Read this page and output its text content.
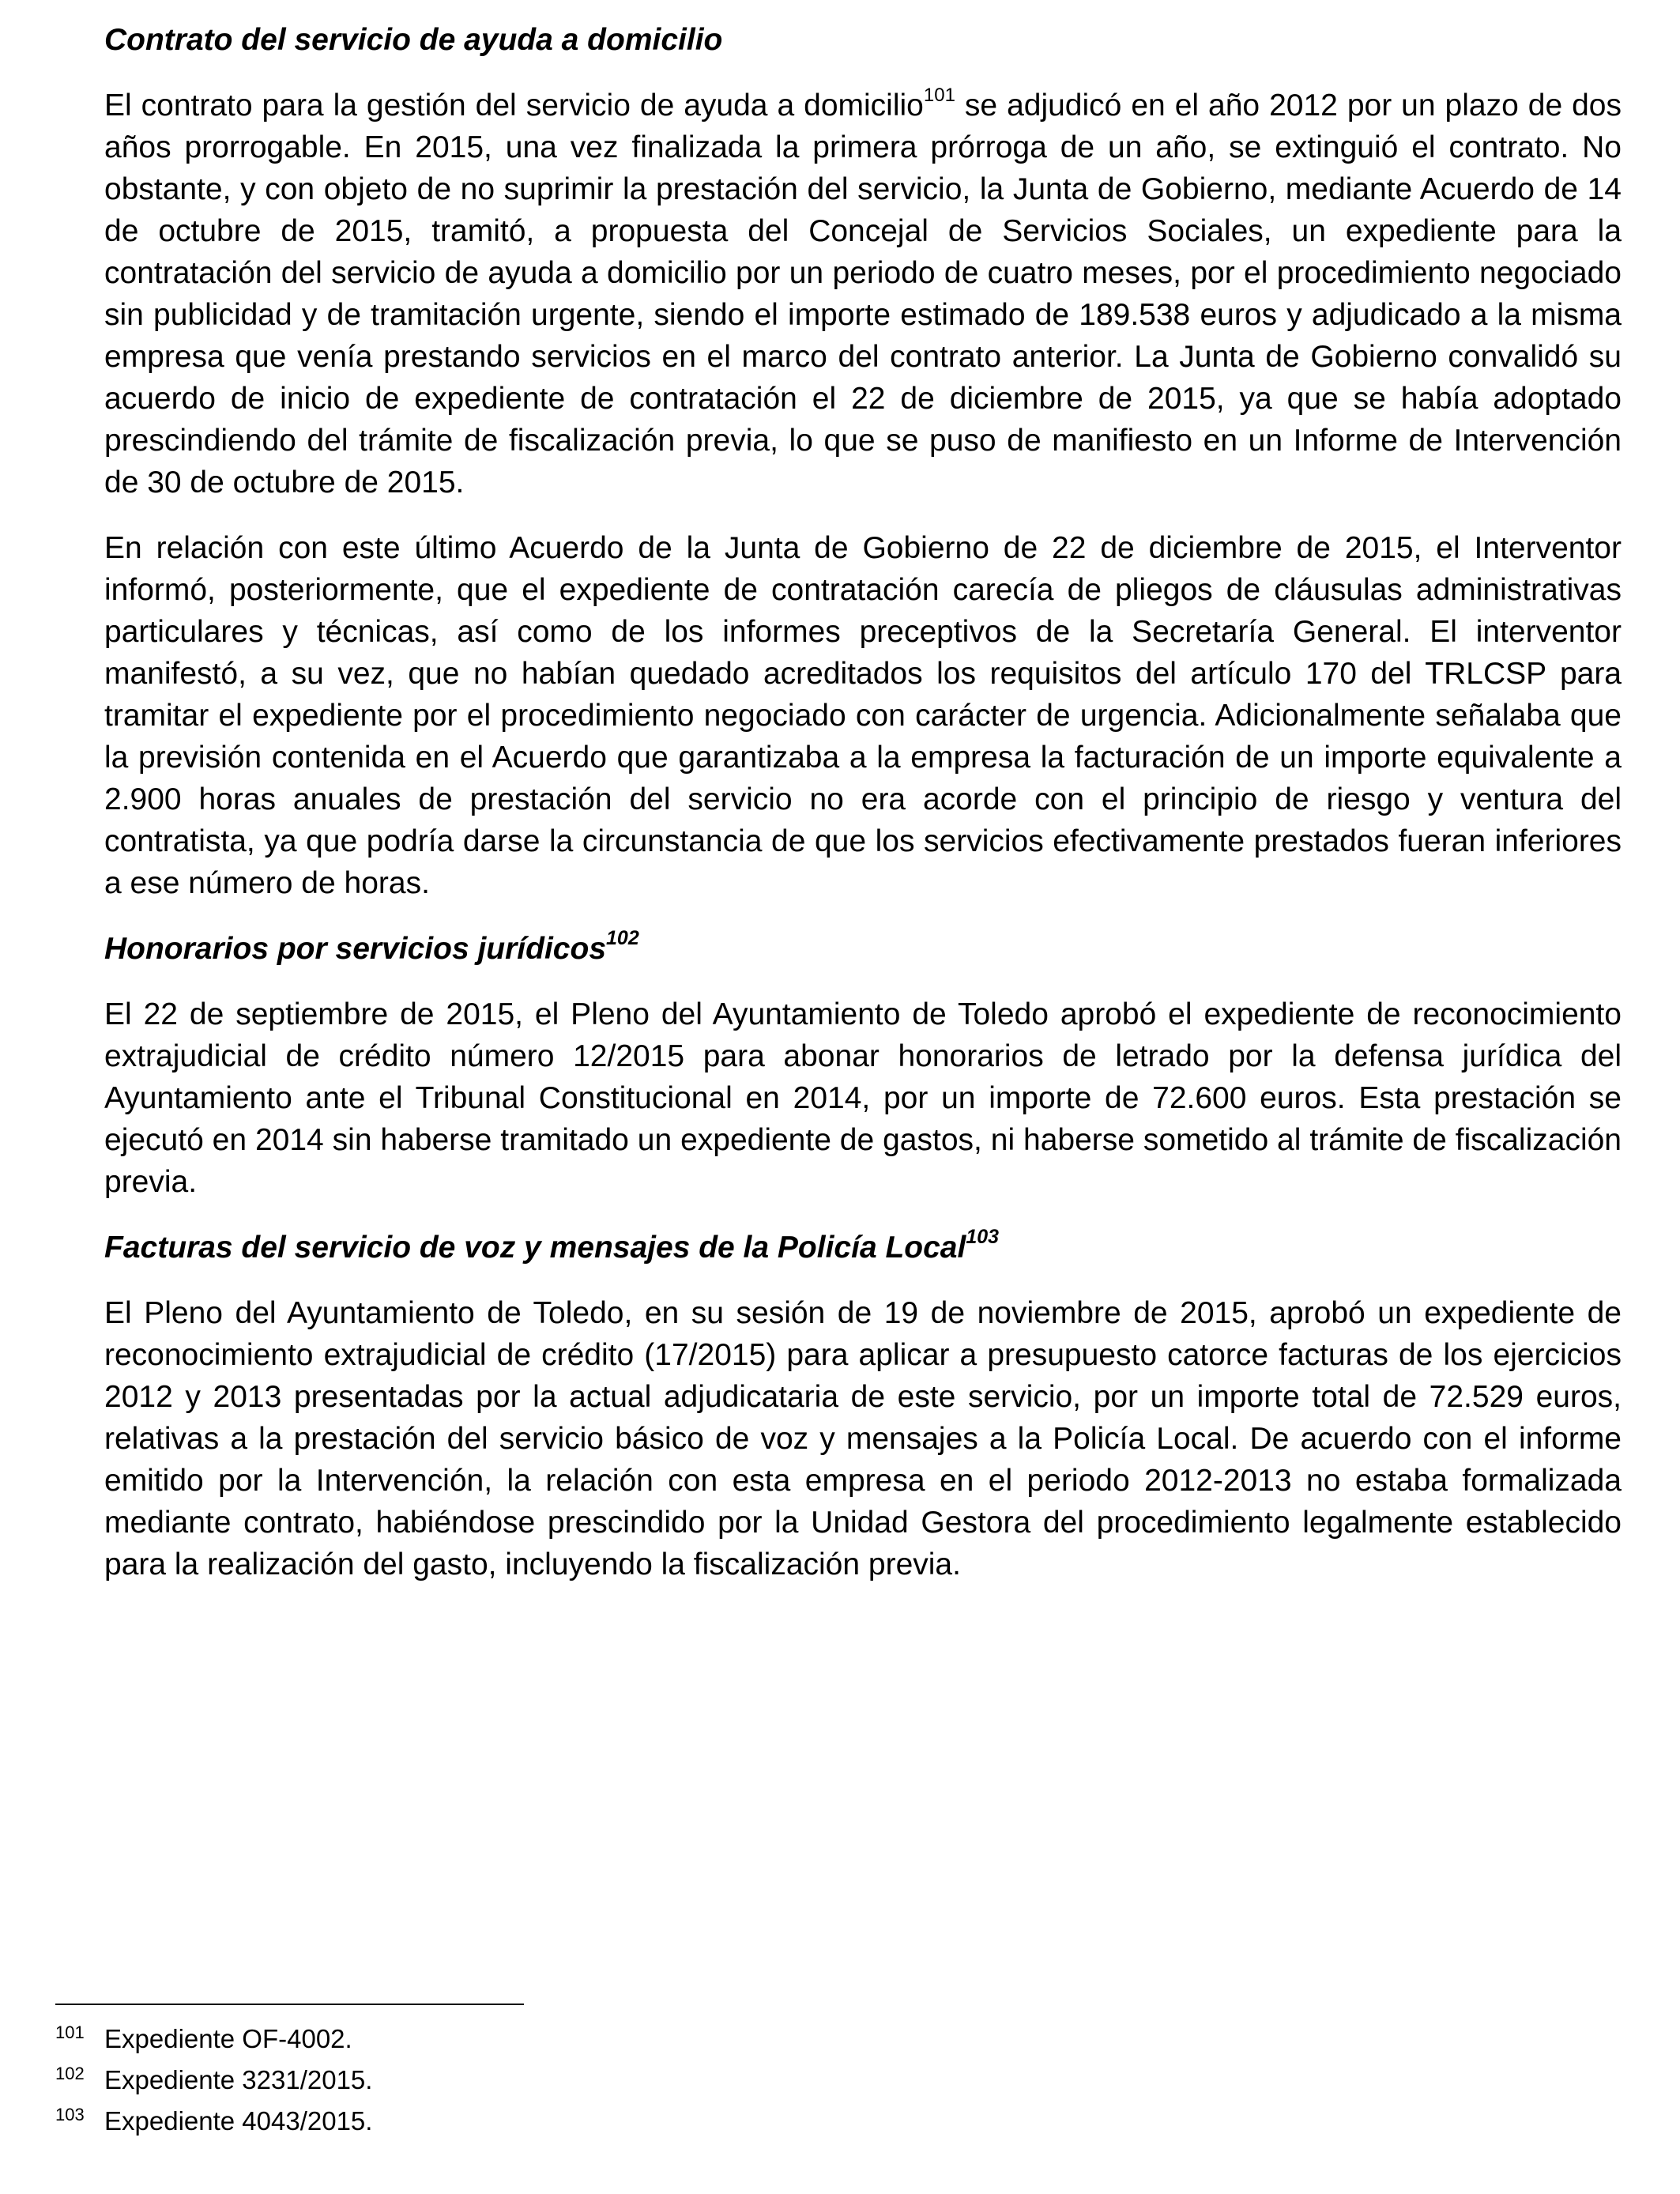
Contrato del servicio de ayuda a domicilio

El contrato para la gestión del servicio de ayuda a domicilio$^{101}$ se adjudicó en el año 2012 por un plazo de dos años prorrogable. En 2015, una vez finalizada la primera prórroga de un año, se extinguió el contrato. No obstante, y con objeto de no suprimir la prestación del servicio, la Junta de Gobierno, mediante Acuerdo de 14 de octubre de 2015, tramitó, a propuesta del Concejal de Servicios Sociales, un expediente para la contratación del servicio de ayuda a domicilio por un periodo de cuatro meses, por el procedimiento negociado sin publicidad y de tramitación urgente, siendo el importe estimado de 189.538 euros y adjudicado a la misma empresa que venía prestando servicios en el marco del contrato anterior. La Junta de Gobierno convalidó su acuerdo de inicio de expediente de contratación el 22 de diciembre de 2015, ya que se había adoptado prescindiendo del trámite de fiscalización previa, lo que se puso de manifiesto en un Informe de Intervención de 30 de octubre de 2015.

En relación con este último Acuerdo de la Junta de Gobierno de 22 de diciembre de 2015, el Interventor informó, posteriormente, que el expediente de contratación carecía de pliegos de cláusulas administrativas particulares y técnicas, así como de los informes preceptivos de la Secretaría General. El interventor manifestó, a su vez, que no habían quedado acreditados los requisitos del artículo 170 del TRLCSP para tramitar el expediente por el procedimiento negociado con carácter de urgencia. Adicionalmente señalaba que la previsión contenida en el Acuerdo que garantizaba a la empresa la facturación de un importe equivalente a 2.900 horas anuales de prestación del servicio no era acorde con el principio de riesgo y ventura del contratista, ya que podría darse la circunstancia de que los servicios efectivamente prestados fueran inferiores a ese número de horas.

Honorarios por servicios jurídicos$^{102}$

El 22 de septiembre de 2015, el Pleno del Ayuntamiento de Toledo aprobó el expediente de reconocimiento extrajudicial de crédito número 12/2015 para abonar honorarios de letrado por la defensa jurídica del Ayuntamiento ante el Tribunal Constitucional en 2014, por un importe de 72.600 euros. Esta prestación se ejecutó en 2014 sin haberse tramitado un expediente de gastos, ni haberse sometido al trámite de fiscalización previa.

Facturas del servicio de voz y mensajes de la Policía Local$^{103}$

El Pleno del Ayuntamiento de Toledo, en su sesión de 19 de noviembre de 2015, aprobó un expediente de reconocimiento extrajudicial de crédito (17/2015) para aplicar a presupuesto catorce facturas de los ejercicios 2012 y 2013 presentadas por la actual adjudicataria de este servicio, por un importe total de 72.529 euros, relativas a la prestación del servicio básico de voz y mensajes a la Policía Local. De acuerdo con el informe emitido por la Intervención, la relación con esta empresa en el periodo 2012-2013 no estaba formalizada mediante contrato, habiéndose prescindido por la Unidad Gestora del procedimiento legalmente establecido para la realización del gasto, incluyendo la fiscalización previa.

101 Expediente OF-4002.

102 Expediente 3231/2015.

103 Expediente 4043/2015.
